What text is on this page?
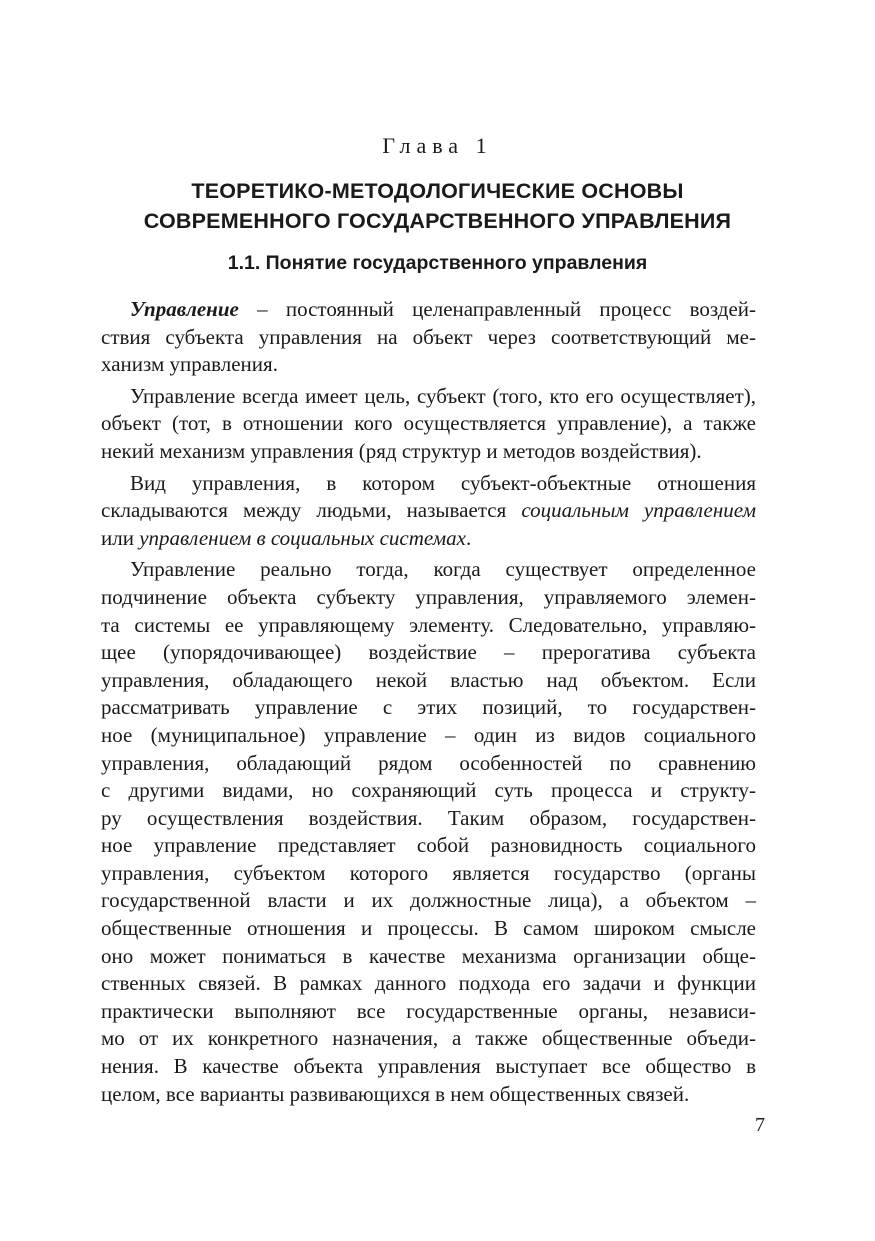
Глава 1
ТЕОРЕТИКО-МЕТОДОЛОГИЧЕСКИЕ ОСНОВЫ
СОВРЕМЕННОГО ГОСУДАРСТВЕННОГО УПРАВЛЕНИЯ
1.1. Понятие государственного управления
Управление – постоянный целенаправленный процесс воздей-
ствия субъекта управления на объект через соответствующий ме-
ханизм управления.
Управление всегда имеет цель, субъект (того, кто его осуществляет),
объект (тот, в отношении кого осуществляется управление), а также
некий механизм управления (ряд структур и методов воздействия).
Вид управления, в котором субъект-объектные отношения
складываются между людьми, называется социальным управлением
или управлением в социальных системах.
Управление реально тогда, когда существует определенное
подчинение объекта субъекту управления, управляемого элемен-
та системы ее управляющему элементу. Следовательно, управляю-
щее (упорядочивающее) воздействие – прерогатива субъекта
управления, обладающего некой властью над объектом. Если
рассматривать управление с этих позиций, то государствен-
ное (муниципальное) управление – один из видов социального
управления, обладающий рядом особенностей по сравнению
с другими видами, но сохраняющий суть процесса и структу-
ру осуществления воздействия. Таким образом, государствен-
ное управление представляет собой разновидность социального
управления, субъектом которого является государство (органы
государственной власти и их должностные лица), а объектом –
общественные отношения и процессы. В самом широком смысле
оно может пониматься в качестве механизма организации обще-
ственных связей. В рамках данного подхода его задачи и функции
практически выполняют все государственные органы, независи-
мо от их конкретного назначения, а также общественные объеди-
нения. В качестве объекта управления выступает все общество в
целом, все варианты развивающихся в нем общественных связей.
7
